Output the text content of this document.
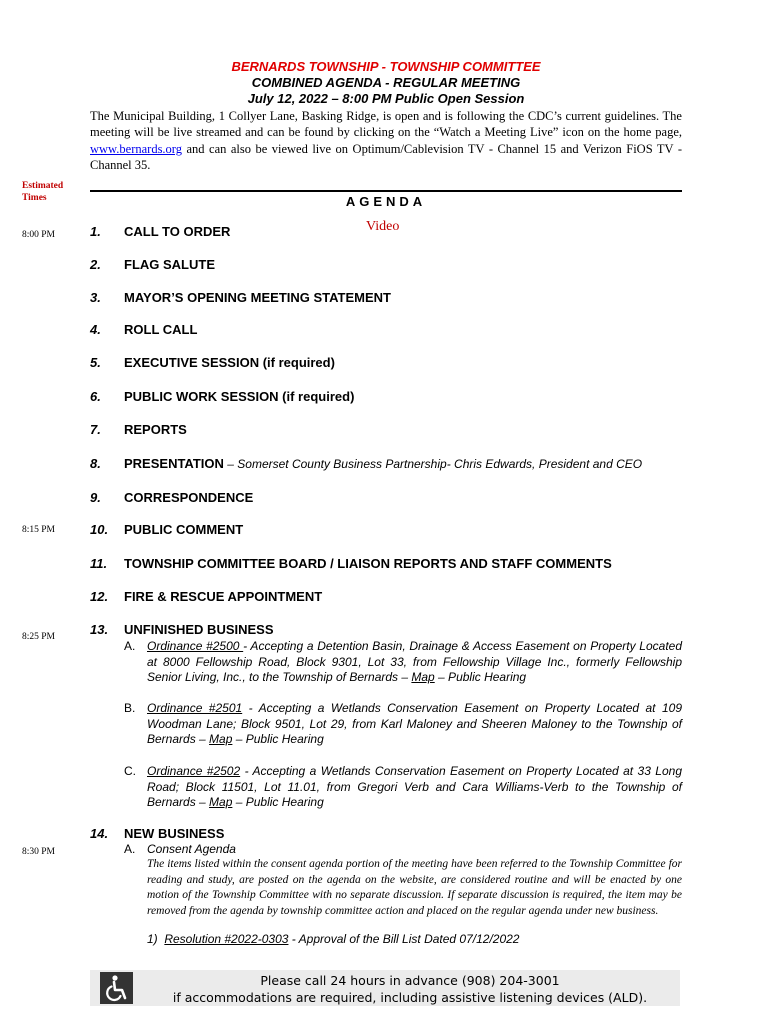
BERNARDS TOWNSHIP - TOWNSHIP COMMITTEE
COMBINED AGENDA - REGULAR MEETING
July 12, 2022 – 8:00 PM Public Open Session
The Municipal Building, 1 Collyer Lane, Basking Ridge, is open and is following the CDC’s current guidelines. The meeting will be live streamed and can be found by clicking on the “Watch a Meeting Live” icon on the home page, www.bernards.org and can also be viewed live on Optimum/Cablevision TV - Channel 15 and Verizon FiOS TV - Channel 35.
Estimated Times	AGENDA
Video
8:00 PM
8:15 PM
8:25 PM
8:30 PM
1. CALL TO ORDER
2. FLAG SALUTE
3. MAYOR’S OPENING MEETING STATEMENT
4. ROLL CALL
5. EXECUTIVE SESSION (if required)
6. PUBLIC WORK SESSION (if required)
7. REPORTS
8. PRESENTATION – Somerset County Business Partnership- Chris Edwards, President and CEO
9. CORRESPONDENCE
10. PUBLIC COMMENT
11. TOWNSHIP COMMITTEE BOARD / LIAISON REPORTS AND STAFF COMMENTS
12. FIRE & RESCUE APPOINTMENT
13. UNFINISHED BUSINESS
A. Ordinance #2500 - Accepting a Detention Basin, Drainage & Access Easement on Property Located at 8000 Fellowship Road, Block 9301, Lot 33, from Fellowship Village Inc., formerly Fellowship Senior Living, Inc., to the Township of Bernards – Map – Public Hearing
B. Ordinance #2501 - Accepting a Wetlands Conservation Easement on Property Located at 109 Woodman Lane; Block 9501, Lot 29, from Karl Maloney and Sheeren Maloney to the Township of Bernards – Map – Public Hearing
C. Ordinance #2502 - Accepting a Wetlands Conservation Easement on Property Located at 33 Long Road; Block 11501, Lot 11.01, from Gregori Verb and Cara Williams-Verb to the Township of Bernards – Map – Public Hearing
14. NEW BUSINESS
A. Consent Agenda
The items listed within the consent agenda portion of the meeting have been referred to the Township Committee for reading and study, are posted on the agenda on the website, are considered routine and will be enacted by one motion of the Township Committee with no separate discussion. If separate discussion is required, the item may be removed from the agenda by township committee action and placed on the regular agenda under new business.
1) Resolution #2022-0303 - Approval of the Bill List Dated 07/12/2022
Please call 24 hours in advance (908) 204-3001
if accommodations are required, including assistive listening devices (ALD).
